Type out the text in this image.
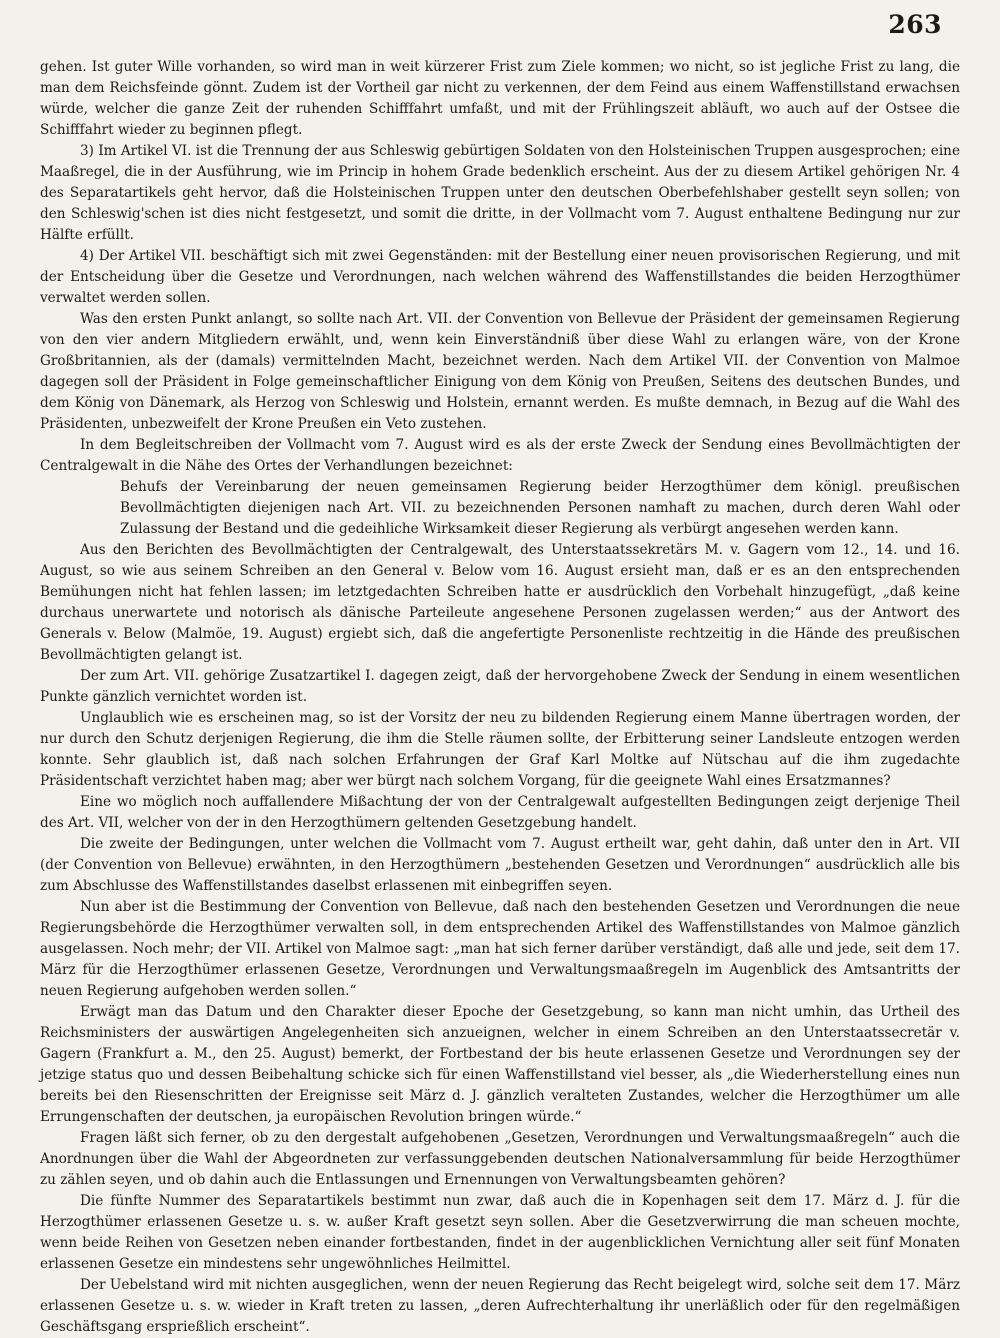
263

gehen. Ist guter Wille vorhanden, so wird man in weit kürzerer Frist zum Ziele kommen; wo nicht, so ist jegliche Frist zu lang, die man dem Reichsfeinde gönnt. Zudem ist der Vortheil gar nicht zu verkennen, der dem Feind aus einem Waffenstillstand erwachsen würde, welcher die ganze Zeit der ruhenden Schifffahrt umfaßt, und mit der Frühlingszeit abläuft, wo auch auf der Ostsee die Schifffahrt wieder zu beginnen pflegt.

3) Im Artikel VI. ist die Trennung der aus Schleswig gebürtigen Soldaten von den Holsteinischen Truppen ausgesprochen; eine Maaßregel, die in der Ausführung, wie im Princip in hohem Grade bedenklich erscheint. Aus der zu diesem Artikel gehörigen Nr. 4 des Separatartikels geht hervor, daß die Holsteinischen Truppen unter den deutschen Oberbefehlshaber gestellt seyn sollen; von den Schleswig'schen ist dies nicht festgesetzt, und somit die dritte, in der Vollmacht vom 7. August enthaltene Bedingung nur zur Hälfte erfüllt.

4) Der Artikel VII. beschäftigt sich mit zwei Gegenständen: mit der Bestellung einer neuen provisorischen Regierung, und mit der Entscheidung über die Gesetze und Verordnungen, nach welchen während des Waffenstillstandes die beiden Herzogthümer verwaltet werden sollen.

Was den ersten Punkt anlangt, so sollte nach Art. VII. der Convention von Bellevue der Präsident der gemeinsamen Regierung von den vier andern Mitgliedern erwählt, und, wenn kein Einverständniß über diese Wahl zu erlangen wäre, von der Krone Großbritannien, als der (damals) vermittelnden Macht, bezeichnet werden. Nach dem Artikel VII. der Convention von Malmoe dagegen soll der Präsident in Folge gemeinschaftlicher Einigung von dem König von Preußen, Seitens des deutschen Bundes, und dem König von Dänemark, als Herzog von Schleswig und Holstein, ernannt werden. Es mußte demnach, in Bezug auf die Wahl des Präsidenten, unbezweifelt der Krone Preußen ein Veto zustehen.

In dem Begleitschreiben der Vollmacht vom 7. August wird es als der erste Zweck der Sendung eines Bevollmächtigten der Centralgewalt in die Nähe des Ortes der Verhandlungen bezeichnet:

Behufs der Vereinbarung der neuen gemeinsamen Regierung beider Herzogthümer dem königl. preußischen Bevollmächtigten diejenigen nach Art. VII. zu bezeichnenden Personen namhaft zu machen, durch deren Wahl oder Zulassung der Bestand und die gedeihliche Wirksamkeit dieser Regierung als verbürgt angesehen werden kann.

Aus den Berichten des Bevollmächtigten der Centralgewalt, des Unterstaatssekretärs M. v. Gagern vom 12., 14. und 16. August, so wie aus seinem Schreiben an den General v. Below vom 16. August ersieht man, daß er es an den entsprechenden Bemühungen nicht hat fehlen lassen; im letztgedachten Schreiben hatte er ausdrücklich den Vorbehalt hinzugefügt, „daß keine durchaus unerwartete und notorisch als dänische Parteileute angesehene Personen zugelassen werden;“ aus der Antwort des Generals v. Below (Malmöe, 19. August) ergiebt sich, daß die angefertigte Personenliste rechtzeitig in die Hände des preußischen Bevollmächtigten gelangt ist.

Der zum Art. VII. gehörige Zusatzartikel I. dagegen zeigt, daß der hervorgehobene Zweck der Sendung in einem wesentlichen Punkte gänzlich vernichtet worden ist.

Unglaublich wie es erscheinen mag, so ist der Vorsitz der neu zu bildenden Regierung einem Manne übertragen worden, der nur durch den Schutz derjenigen Regierung, die ihm die Stelle räumen sollte, der Erbitterung seiner Landsleute entzogen werden konnte. Sehr glaublich ist, daß nach solchen Erfahrungen der Graf Karl Moltke auf Nütschau auf die ihm zugedachte Präsidentschaft verzichtet haben mag; aber wer bürgt nach solchem Vorgang, für die geeignete Wahl eines Ersatzmannes?

Eine wo möglich noch auffallendere Mißachtung der von der Centralgewalt aufgestellten Bedingungen zeigt derjenige Theil des Art. VII, welcher von der in den Herzogthümern geltenden Gesetzgebung handelt.

Die zweite der Bedingungen, unter welchen die Vollmacht vom 7. August ertheilt war, geht dahin, daß unter den in Art. VII (der Convention von Bellevue) erwähnten, in den Herzogthümern „bestehenden Gesetzen und Verordnungen“ ausdrücklich alle bis zum Abschlusse des Waffenstillstandes daselbst erlassenen mit einbegriffen seyen.

Nun aber ist die Bestimmung der Convention von Bellevue, daß nach den bestehenden Gesetzen und Verordnungen die neue Regierungsbehörde die Herzogthümer verwalten soll, in dem entsprechenden Artikel des Waffenstillstandes von Malmoe gänzlich ausgelassen. Noch mehr; der VII. Artikel von Malmoe sagt: „man hat sich ferner darüber verständigt, daß alle und jede, seit dem 17. März für die Herzogthümer erlassenen Gesetze, Verordnungen und Verwaltungsmaaßregeln im Augenblick des Amtsantritts der neuen Regierung aufgehoben werden sollen.“

Erwägt man das Datum und den Charakter dieser Epoche der Gesetzgebung, so kann man nicht umhin, das Urtheil des Reichsministers der auswärtigen Angelegenheiten sich anzueignen, welcher in einem Schreiben an den Unterstaatssecretär v. Gagern (Frankfurt a. M., den 25. August) bemerkt, der Fortbestand der bis heute erlassenen Gesetze und Verordnungen sey der jetzige status quo und dessen Beibehaltung schicke sich für einen Waffenstillstand viel besser, als „die Wiederherstellung eines nun bereits bei den Riesenschritten der Ereignisse seit März d. J. gänzlich veralteten Zustandes, welcher die Herzogthümer um alle Errungenschaften der deutschen, ja europäischen Revolution bringen würde.“

Fragen läßt sich ferner, ob zu den dergestalt aufgehobenen „Gesetzen, Verordnungen und Verwaltungsmaaßregeln“ auch die Anordnungen über die Wahl der Abgeordneten zur verfassunggebenden deutschen Nationalversammlung für beide Herzogthümer zu zählen seyen, und ob dahin auch die Entlassungen und Ernennungen von Verwaltungsbeamten gehören?

Die fünfte Nummer des Separatartikels bestimmt nun zwar, daß auch die in Kopenhagen seit dem 17. März d. J. für die Herzogthümer erlassenen Gesetze u. s. w. außer Kraft gesetzt seyn sollen. Aber die Gesetzverwirrung die man scheuen mochte, wenn beide Reihen von Gesetzen neben einander fortbestanden, findet in der augenblicklichen Vernichtung aller seit fünf Monaten erlassenen Gesetze ein mindestens sehr ungewöhnliches Heilmittel.

Der Uebelstand wird mit nichten ausgeglichen, wenn der neuen Regierung das Recht beigelegt wird, solche seit dem 17. März erlassenen Gesetze u. s. w. wieder in Kraft treten zu lassen, „deren Aufrechterhaltung ihr unerläßlich oder für den regelmäßigen Geschäftsgang ersprießlich erscheint“.
